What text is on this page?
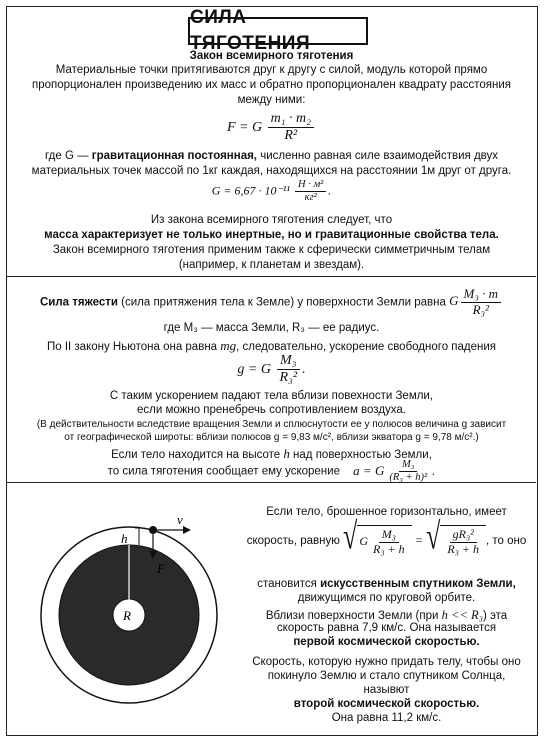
СИЛА ТЯГОТЕНИЯ
Закон всемирного тяготения
Материальные точки притягиваются друг к другу с силой, модуль которой прямо
пропорционален произведению их масс и обратно пропорционален квадрату расстояния
между ними:
F = G $\frac{\text{m₁ · m₂}}{\text{R²}}$
где G — гравитационная постоянная, численно равная силе взаимодействия двух
материальных точек массой по 1кг каждая, находящихся на расстоянии 1м друг от друга.
$G = 6,67 \cdot 10^{-11} \frac{\text{Н · м²}}{\text{кг²}}$ .
Из закона всемирного тяготения следует, что
масса характеризует не только инертные, но и гравитационные свойства тела.
Закон всемирного тяготения применим также к сферически симметричным телам
(например, к планетам и звездам).
Сила тяжести (сила притяжения тела к Земле) у поверхности Земли равна G $\frac{\text{M₃ · m}}{\text{R₃²}}$
где M₃ — масса Земли, R₃ — ее радиус.
По II закону Ньютона она равна mg, следовательно, ускорение свободного падения
g = G $\frac{\text{M₃}}{\text{R₃²}}$ .
С таким ускорением падают тела вблизи повехности Земли,
если можно пренебречь сопротивлением воздуха.
(В действительности вследствие вращения Земли и сплюснутости ее у полюсов величина g зависит
от географической широты: вблизи полюсов g = 9,83 м/с², вблизи экватора g = 9,78 м/с².)
Если тело находится на высоте h над поверхностью Земли,
то сила тяготения сообщает ему ускорение a = G $\frac{\text{M₃}}{\text{(R₃ + h)²}}$ .
h
F
v
R
Если тело, брошенное горизонтально, имеет
скорость, равную √ G $\frac{\text{M₃}}{\text{R₃ + h}}$ = √ $\frac{\text{gR₃²}}{\text{R₃ + h}}$ , то оно
становится искусственным спутником Земли,
движущимся по круговой орбите.
Вблизи поверхности Земли (при h << R₃) эта
скорость равна 7,9 км/с. Она называется
первой космической скоростью.
Скорость, которую нужно придать телу, чтобы оно
покинуло Землю и стало спутником Солнца,
назывют
второй космической скоростью.
Она равна 11,2 км/с.
